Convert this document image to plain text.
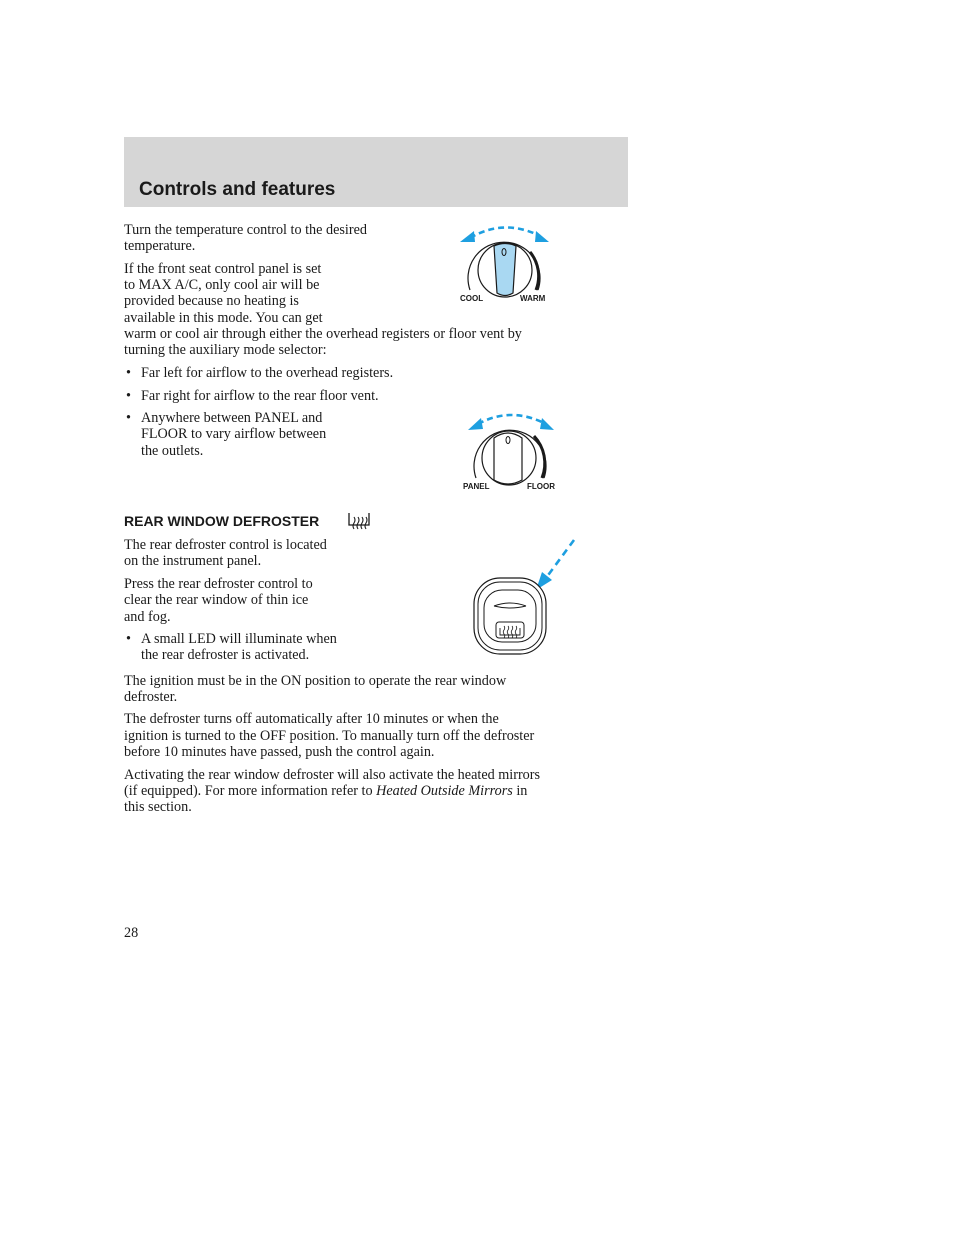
Controls and features

Turn the temperature control to the desired temperature.

If the front seat control panel is set

to MAX A/C, only cool air will be

provided because no heating is

available in this mode. You can get

warm or cool air through either the overhead registers or floor vent by

turning the auxiliary mode selector:

COOL	WARM
• Far left for airflow to the overhead registers.

• Far right for airflow to the rear floor vent.

• Anywhere between PANEL and

FLOOR to vary airflow between

the outlets.

PANEL	FLOOR
REAR WINDOW DEFROSTER

The rear defroster control is located

on the instrument panel.

Press the rear defroster control to

clear the rear window of thin ice

and fog.

• A small LED will illuminate when

the rear defroster is activated.

The ignition must be in the ON position to operate the rear window

defroster.

The defroster turns off automatically after 10 minutes or when the

ignition is turned to the OFF position. To manually turn off the defroster

before 10 minutes have passed, push the control again.

Activating the rear window defroster will also activate the heated mirrors

(if equipped). For more information refer to Heated Outside Mirrors in

this section.

28
